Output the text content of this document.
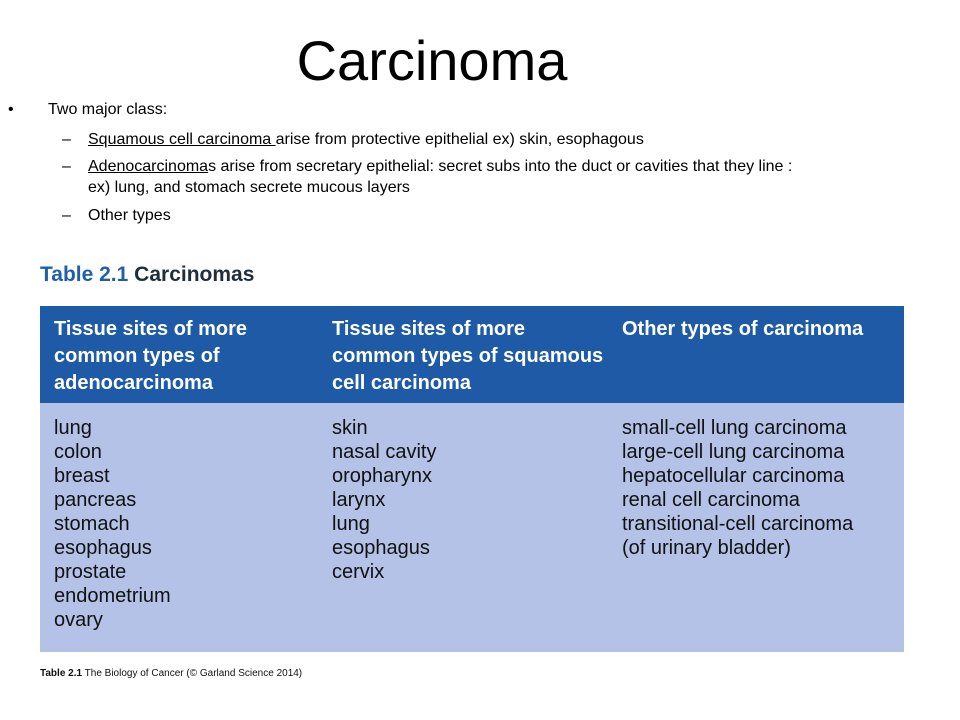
Carcinoma
• Two major class:
– Squamous cell carcinoma arise from protective epithelial ex) skin, esophagous
– Adenocarcinomas arise from secretary epithelial: secret subs into the duct or cavities that they line : ex) lung, and stomach secrete mucous layers
– Other types
Table 2.1 Carcinomas
Tissue sites of more common types of adenocarcinoma
Tissue sites of more common types of squamous cell carcinoma
Other types of carcinoma
lung
colon
breast
pancreas
stomach
esophagus
prostate
endometrium
ovary
skin
nasal cavity
oropharynx
larynx
lung
esophagus
cervix
small-cell lung carcinoma
large-cell lung carcinoma
hepatocellular carcinoma
renal cell carcinoma
transitional-cell carcinoma
(of urinary bladder)
Table 2.1 The Biology of Cancer (© Garland Science 2014)
